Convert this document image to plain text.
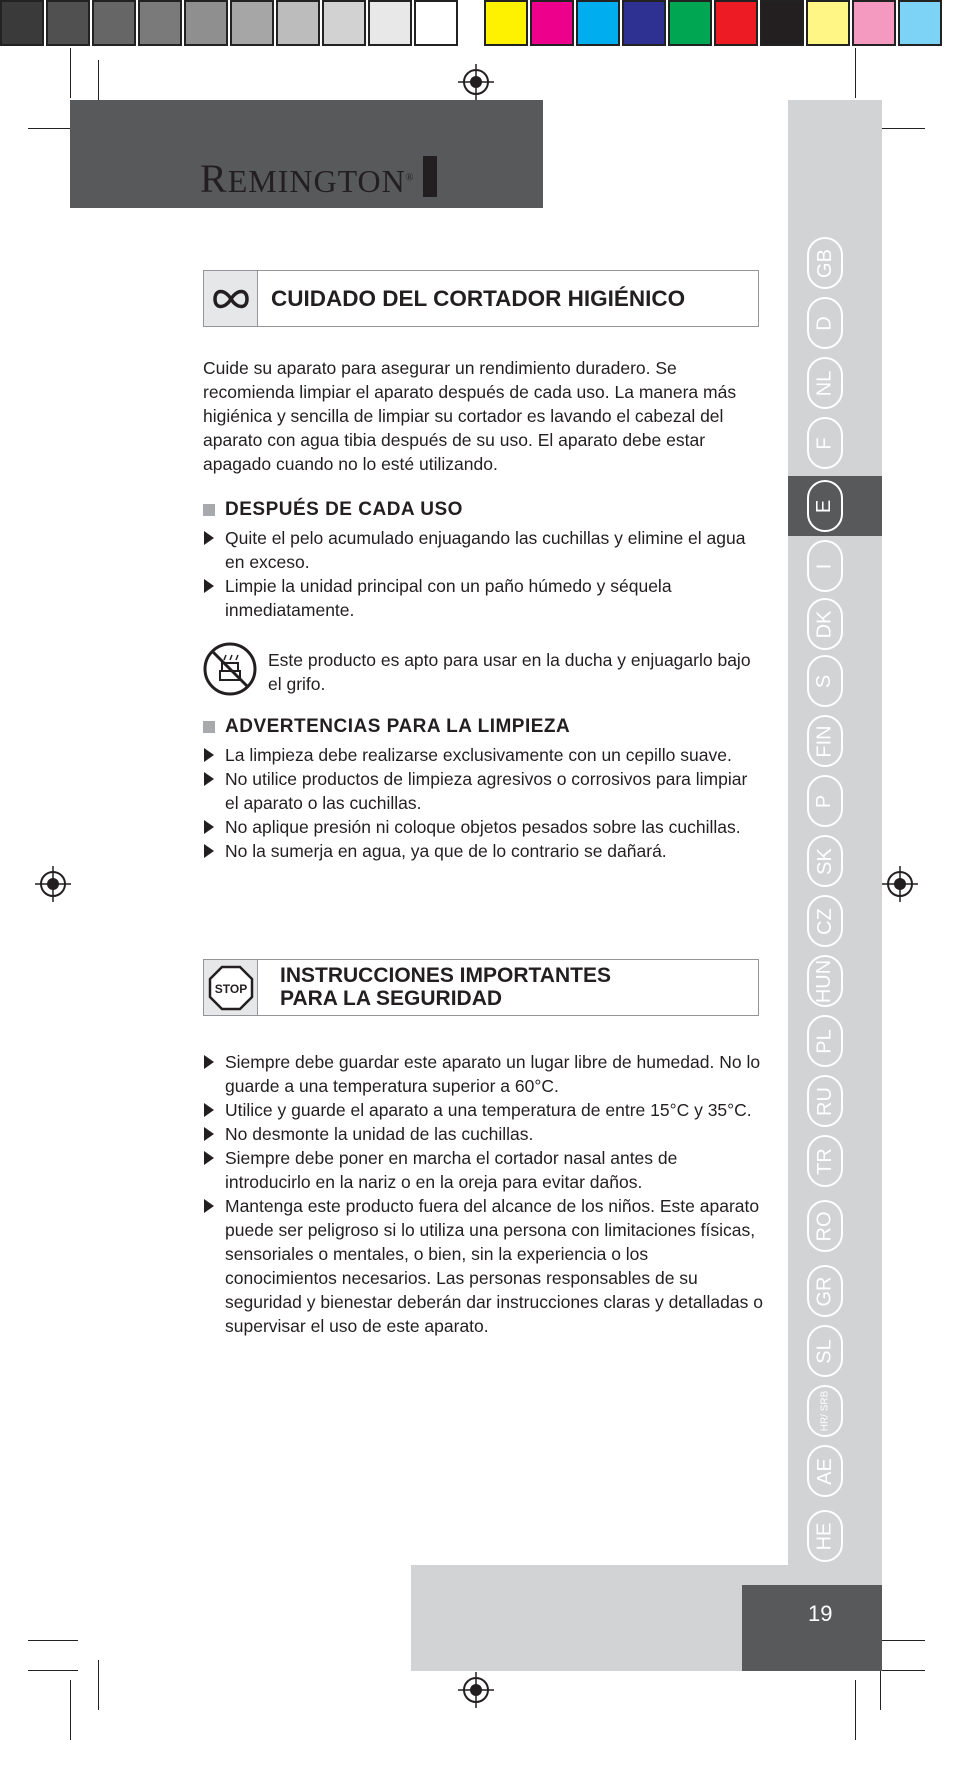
REMINGTON®
GB
D
NL
F
E
I
DK
S
FIN
P
SK
CZ
HUN
PL
RU
TR
RO
GR
SL
HR/ SRB
AE
HE
CUIDADO DEL CORTADOR HIGIÉNICO
Cuide su aparato para asegurar un rendimiento duradero. Se recomienda limpiar el aparato después de cada uso. La manera más higiénica y sencilla de limpiar su cortador es lavando el cabezal del aparato con agua tibia después de su uso. El aparato debe estar apagado cuando no lo esté utilizando.
DESPUÉS DE CADA USO
Quite el pelo acumulado enjuagando las cuchillas y elimine el agua en exceso.
Limpie la unidad principal con un paño húmedo y séquela inmediatamente.
Este producto es apto para usar en la ducha y enjuagarlo bajo el grifo.
ADVERTENCIAS PARA LA LIMPIEZA
La limpieza debe realizarse exclusivamente con un cepillo suave.
No utilice productos de limpieza agresivos o corrosivos para limpiar el aparato o las cuchillas.
No aplique presión ni coloque objetos pesados sobre las cuchillas.
No la sumerja en agua, ya que de lo contrario se dañará.
STOP
INSTRUCCIONES IMPORTANTES
PARA LA SEGURIDAD
Siempre debe guardar este aparato un lugar libre de humedad. No lo guarde a una temperatura superior a 60°C.
Utilice y guarde el aparato a una temperatura de entre 15°C y 35°C.
No desmonte la unidad de las cuchillas.
Siempre debe poner en marcha el cortador nasal antes de introducirlo en la nariz o en la oreja para evitar daños.
Mantenga este producto fuera del alcance de los niños. Este aparato puede ser peligroso si lo utiliza una persona con limitaciones físicas, sensoriales o mentales, o bien, sin la experiencia o los conocimientos necesarios. Las personas responsables de su seguridad y bienestar deberán dar instrucciones claras y detalladas o supervisar el uso de este aparato.
19
